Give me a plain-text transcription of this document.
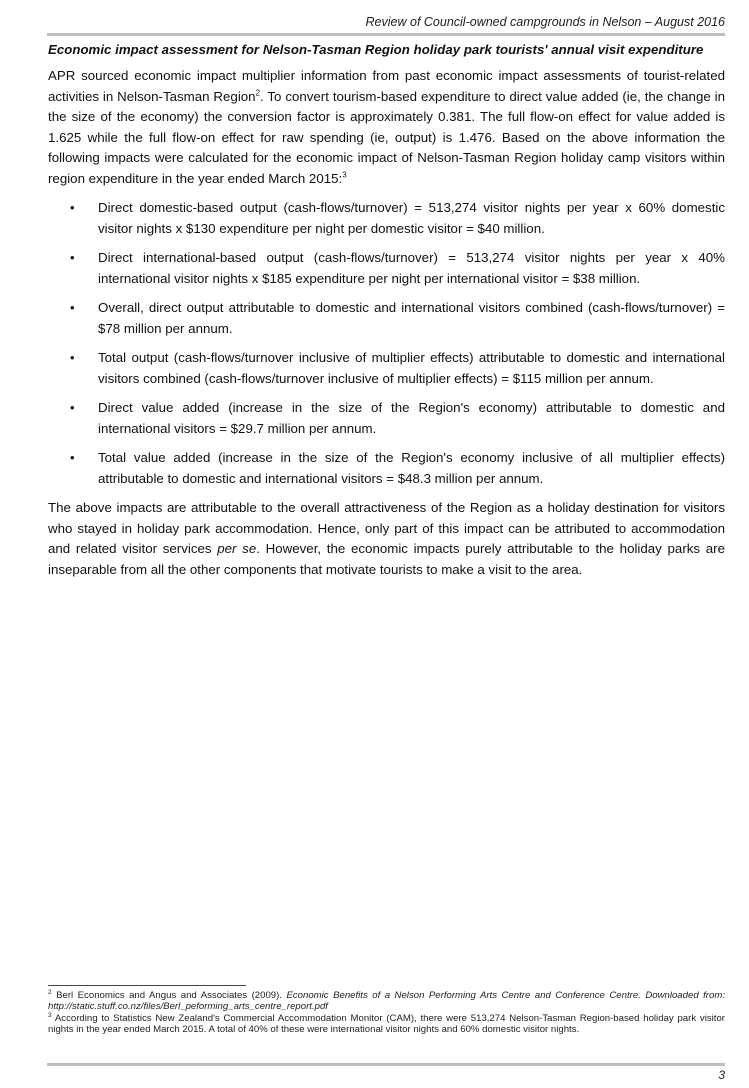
Review of Council-owned campgrounds in Nelson – August 2016

Economic impact assessment for Nelson-Tasman Region holiday park tourists' annual visit expenditure

APR sourced economic impact multiplier information from past economic impact assessments of tourist-related activities in Nelson-Tasman Region$^2$. To convert tourism-based expenditure to direct value added (ie, the change in the size of the economy) the conversion factor is approximately 0.381. The full flow-on effect for value added is 1.625 while the full flow-on effect for raw spending (ie, output) is 1.476. Based on the above information the following impacts were calculated for the economic impact of Nelson-Tasman Region holiday camp visitors within region expenditure in the year ended March 2015:$^3$

• Direct domestic-based output (cash-flows/turnover) = 513,274 visitor nights per year x 60% domestic visitor nights x $130 expenditure per night per domestic visitor = $40 million.
• Direct international-based output (cash-flows/turnover) = 513,274 visitor nights per year x 40% international visitor nights x $185 expenditure per night per international visitor = $38 million.
• Overall, direct output attributable to domestic and international visitors combined (cash-flows/turnover) = $78 million per annum.
• Total output (cash-flows/turnover inclusive of multiplier effects) attributable to domestic and international visitors combined (cash-flows/turnover inclusive of multiplier effects) = $115 million per annum.
• Direct value added (increase in the size of the Region's economy) attributable to domestic and international visitors = $29.7 million per annum.
• Total value added (increase in the size of the Region's economy inclusive of all multiplier effects) attributable to domestic and international visitors = $48.3 million per annum.

The above impacts are attributable to the overall attractiveness of the Region as a holiday destination for visitors who stayed in holiday park accommodation. Hence, only part of this impact can be attributed to accommodation and related visitor services per se. However, the economic impacts purely attributable to the holiday parks are inseparable from all the other components that motivate tourists to make a visit to the area.

$^2$ Berl Economics and Angus and Associates (2009). Economic Benefits of a Nelson Performing Arts Centre and Conference Centre. Downloaded from: http://static.stuff.co.nz/files/Berl_peforming_arts_centre_report.pdf

$^3$ According to Statistics New Zealand's Commercial Accommodation Monitor (CAM), there were 513,274 Nelson-Tasman Region-based holiday park visitor nights in the year ended March 2015. A total of 40% of these were international visitor nights and 60% domestic visitor nights.

3
